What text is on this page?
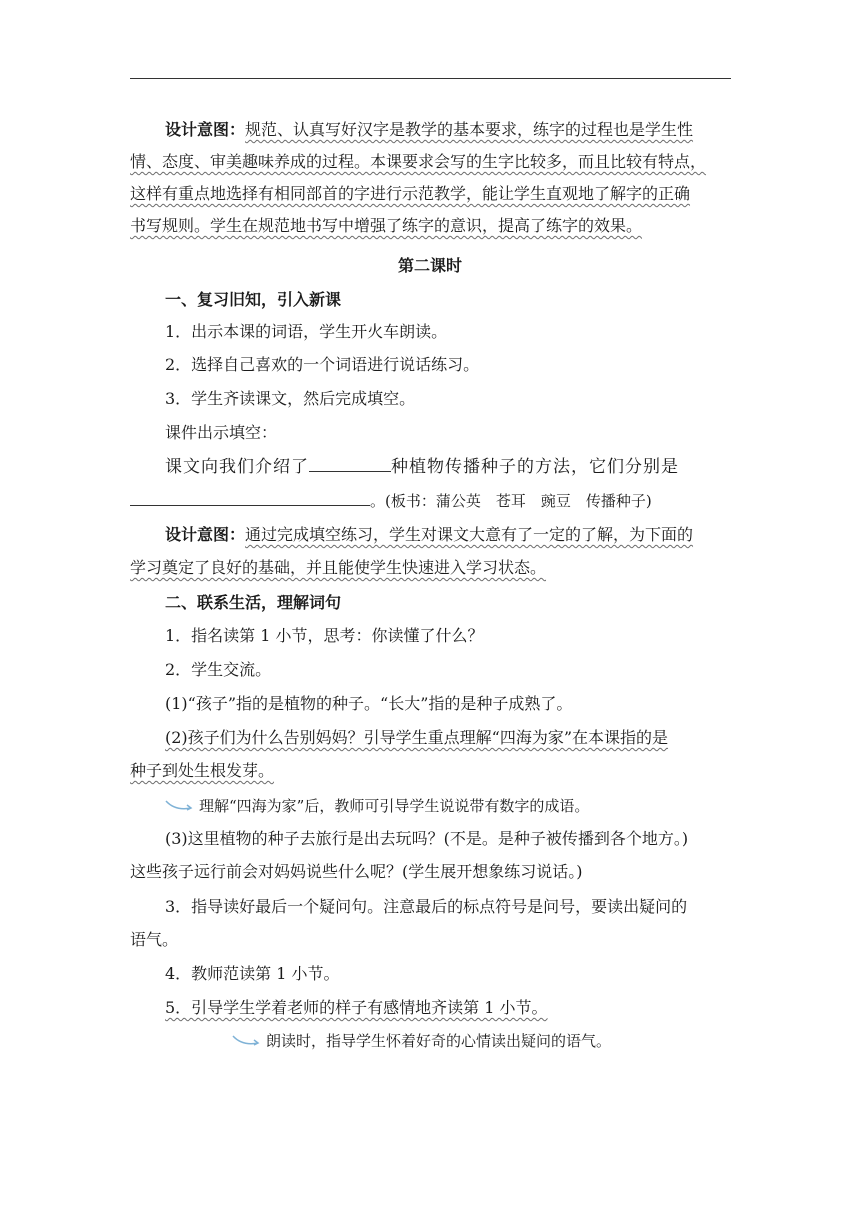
设计意图：规范、认真写好汉字是教学的基本要求，练字的过程也是学生性
情、态度、审美趣味养成的过程。本课要求会写的生字比较多，而且比较有特点，
这样有重点地选择有相同部首的字进行示范教学，能让学生直观地了解字的正确
书写规则。学生在规范地书写中增强了练字的意识，提高了练字的效果。
第二课时
一、复习旧知，引入新课
1．出示本课的词语，学生开火车朗读。
2．选择自己喜欢的一个词语进行说话练习。
3．学生齐读课文，然后完成填空。
课件出示填空：
课文向我们介绍了	种植物传播种子的方法，它们分别是
。(板书：蒲公英　苍耳　豌豆　传播种子)
设计意图：通过完成填空练习，学生对课文大意有了一定的了解，为下面的
学习奠定了良好的基础，并且能使学生快速进入学习状态。
二、联系生活，理解词句
1．指名读第 1 小节，思考：你读懂了什么？
2．学生交流。
(1)“孩子”指的是植物的种子。“长大”指的是种子成熟了。
(2)孩子们为什么告别妈妈？引导学生重点理解“四海为家”在本课指的是
种子到处生根发芽。
理解“四海为家”后，教师可引导学生说说带有数字的成语。
(3)这里植物的种子去旅行是出去玩吗？(不是。是种子被传播到各个地方。)
这些孩子远行前会对妈妈说些什么呢？(学生展开想象练习说话。)
3．指导读好最后一个疑问句。注意最后的标点符号是问号，要读出疑问的
语气。
4．教师范读第 1 小节。
5．引导学生学着老师的样子有感情地齐读第 1 小节。
朗读时，指导学生怀着好奇的心情读出疑问的语气。
